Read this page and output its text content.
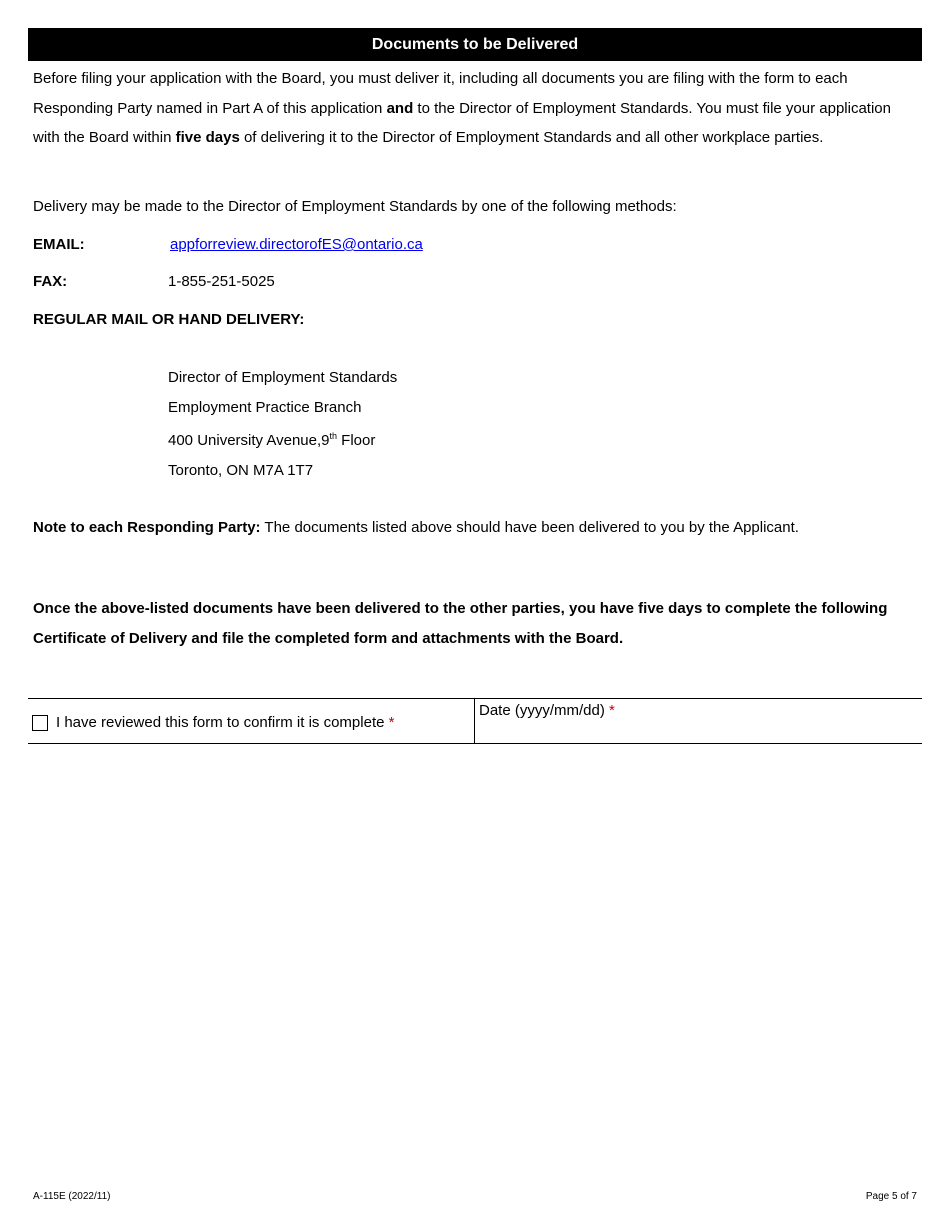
Documents to be Delivered

Before filing your application with the Board, you must deliver it, including all documents you are filing with the form to each Responding Party named in Part A of this application and to the Director of Employment Standards. You must file your application with the Board within five days of delivering it to the Director of Employment Standards and all other workplace parties.

Delivery may be made to the Director of Employment Standards by one of the following methods:

EMAIL:	appforreview.directorofES@ontario.ca
FAX:	1-855-251-5025
REGULAR MAIL OR HAND DELIVERY:

Director of Employment Standards
Employment Practice Branch
400 University Avenue,9th Floor
Toronto, ON M7A 1T7

Note to each Responding Party: The documents listed above should have been delivered to you by the Applicant.

Once the above-listed documents have been delivered to the other parties, you have five days to complete the following Certificate of Delivery and file the completed form and attachments with the Board.

I have reviewed this form to confirm it is complete *
Date (yyyy/mm/dd) *
A-115E (2022/11)	Page 5 of 7
